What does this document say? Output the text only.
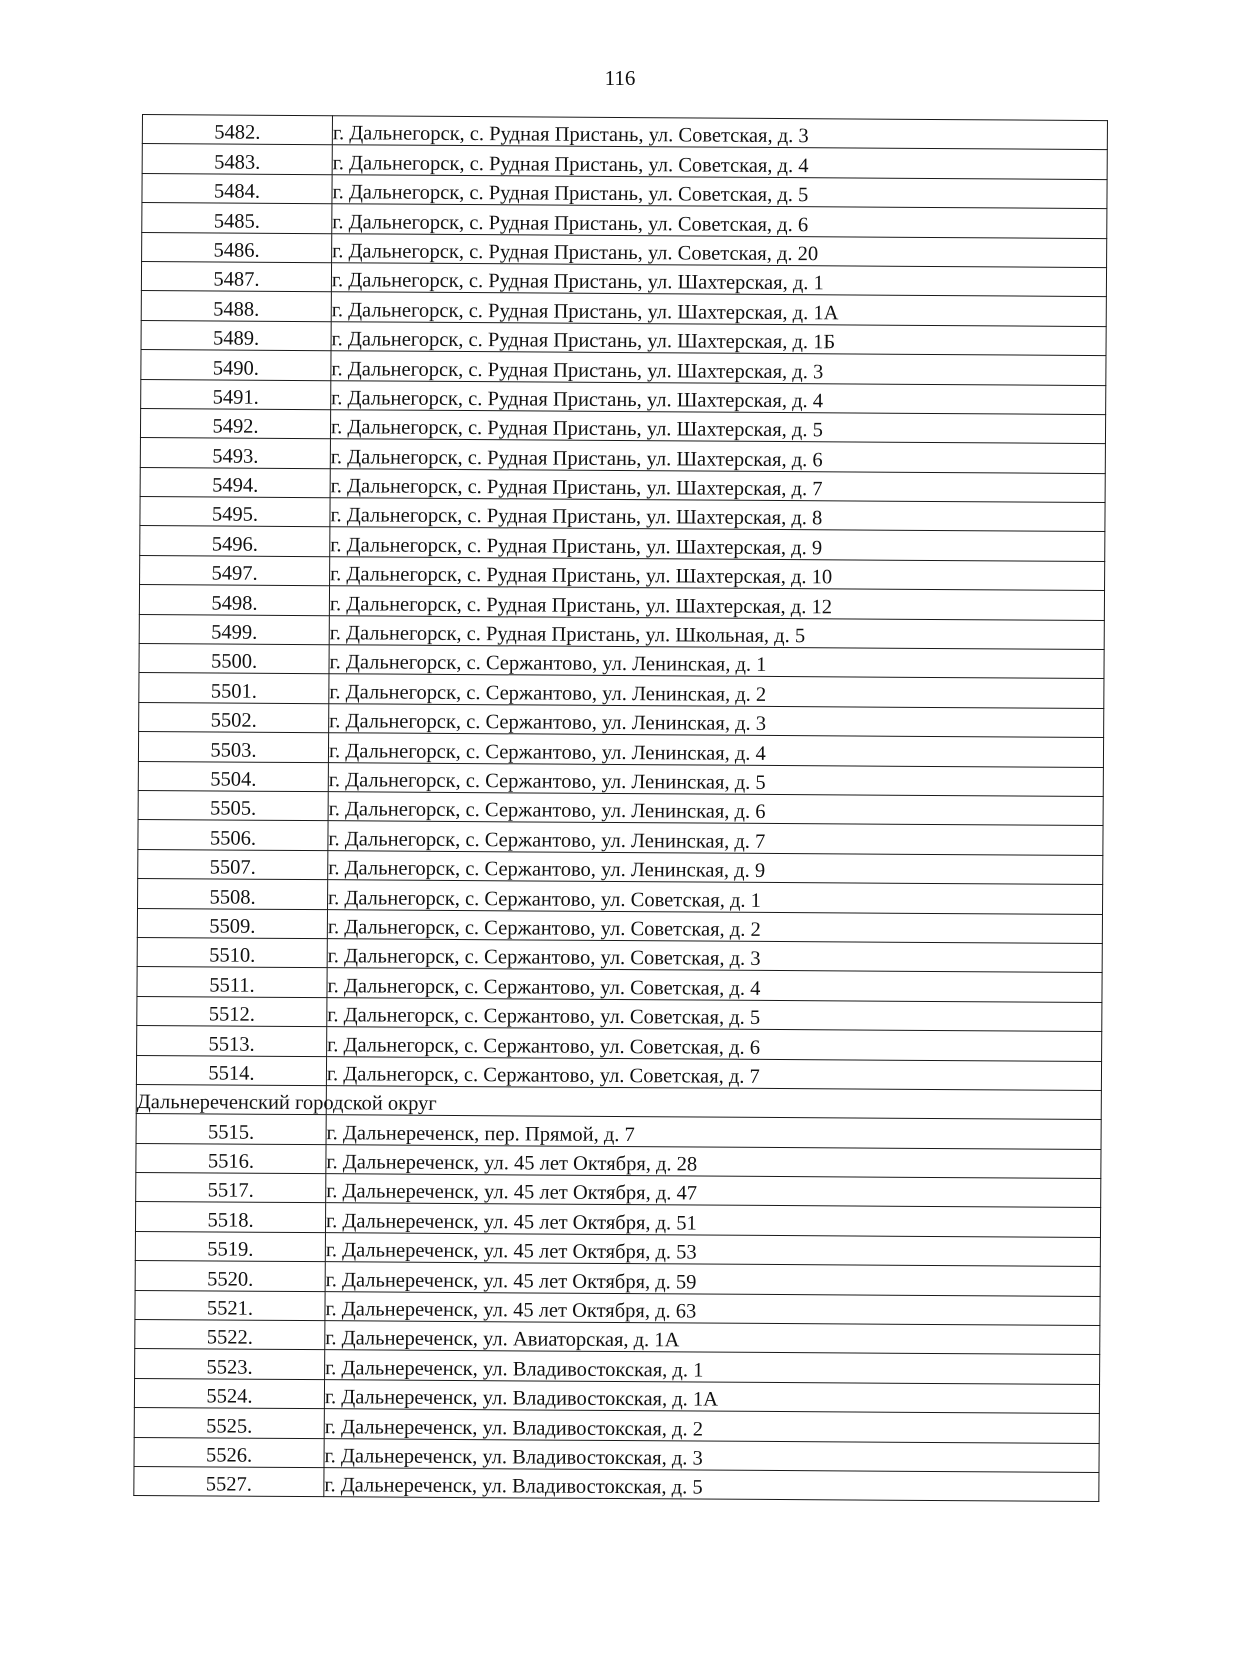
116
5482.	г. Дальнегорск, с. Рудная Пристань, ул. Советская, д. 3
5483.	г. Дальнегорск, с. Рудная Пристань, ул. Советская, д. 4
5484.	г. Дальнегорск, с. Рудная Пристань, ул. Советская, д. 5
5485.	г. Дальнегорск, с. Рудная Пристань, ул. Советская, д. 6
5486.	г. Дальнегорск, с. Рудная Пристань, ул. Советская, д. 20
5487.	г. Дальнегорск, с. Рудная Пристань, ул. Шахтерская, д. 1
5488.	г. Дальнегорск, с. Рудная Пристань, ул. Шахтерская, д. 1А
5489.	г. Дальнегорск, с. Рудная Пристань, ул. Шахтерская, д. 1Б
5490.	г. Дальнегорск, с. Рудная Пристань, ул. Шахтерская, д. 3
5491.	г. Дальнегорск, с. Рудная Пристань, ул. Шахтерская, д. 4
5492.	г. Дальнегорск, с. Рудная Пристань, ул. Шахтерская, д. 5
5493.	г. Дальнегорск, с. Рудная Пристань, ул. Шахтерская, д. 6
5494.	г. Дальнегорск, с. Рудная Пристань, ул. Шахтерская, д. 7
5495.	г. Дальнегорск, с. Рудная Пристань, ул. Шахтерская, д. 8
5496.	г. Дальнегорск, с. Рудная Пристань, ул. Шахтерская, д. 9
5497.	г. Дальнегорск, с. Рудная Пристань, ул. Шахтерская, д. 10
5498.	г. Дальнегорск, с. Рудная Пристань, ул. Шахтерская, д. 12
5499.	г. Дальнегорск, с. Рудная Пристань, ул. Школьная, д. 5
5500.	г. Дальнегорск, с. Сержантово, ул. Ленинская, д. 1
5501.	г. Дальнегорск, с. Сержантово, ул. Ленинская, д. 2
5502.	г. Дальнегорск, с. Сержантово, ул. Ленинская, д. 3
5503.	г. Дальнегорск, с. Сержантово, ул. Ленинская, д. 4
5504.	г. Дальнегорск, с. Сержантово, ул. Ленинская, д. 5
5505.	г. Дальнегорск, с. Сержантово, ул. Ленинская, д. 6
5506.	г. Дальнегорск, с. Сержантово, ул. Ленинская, д. 7
5507.	г. Дальнегорск, с. Сержантово, ул. Ленинская, д. 9
5508.	г. Дальнегорск, с. Сержантово, ул. Советская, д. 1
5509.	г. Дальнегорск, с. Сержантово, ул. Советская, д. 2
5510.	г. Дальнегорск, с. Сержантово, ул. Советская, д. 3
5511.	г. Дальнегорск, с. Сержантово, ул. Советская, д. 4
5512.	г. Дальнегорск, с. Сержантово, ул. Советская, д. 5
5513.	г. Дальнегорск, с. Сержантово, ул. Советская, д. 6
5514.	г. Дальнегорск, с. Сержантово, ул. Советская, д. 7
Дальнереченский городской округ	
5515.	г. Дальнереченск, пер. Прямой, д. 7
5516.	г. Дальнереченск, ул. 45 лет Октября, д. 28
5517.	г. Дальнереченск, ул. 45 лет Октября, д. 47
5518.	г. Дальнереченск, ул. 45 лет Октября, д. 51
5519.	г. Дальнереченск, ул. 45 лет Октября, д. 53
5520.	г. Дальнереченск, ул. 45 лет Октября, д. 59
5521.	г. Дальнереченск, ул. 45 лет Октября, д. 63
5522.	г. Дальнереченск, ул. Авиаторская, д. 1А
5523.	г. Дальнереченск, ул. Владивостокская, д. 1
5524.	г. Дальнереченск, ул. Владивостокская, д. 1А
5525.	г. Дальнереченск, ул. Владивостокская, д. 2
5526.	г. Дальнереченск, ул. Владивостокская, д. 3
5527.	г. Дальнереченск, ул. Владивостокская, д. 5
